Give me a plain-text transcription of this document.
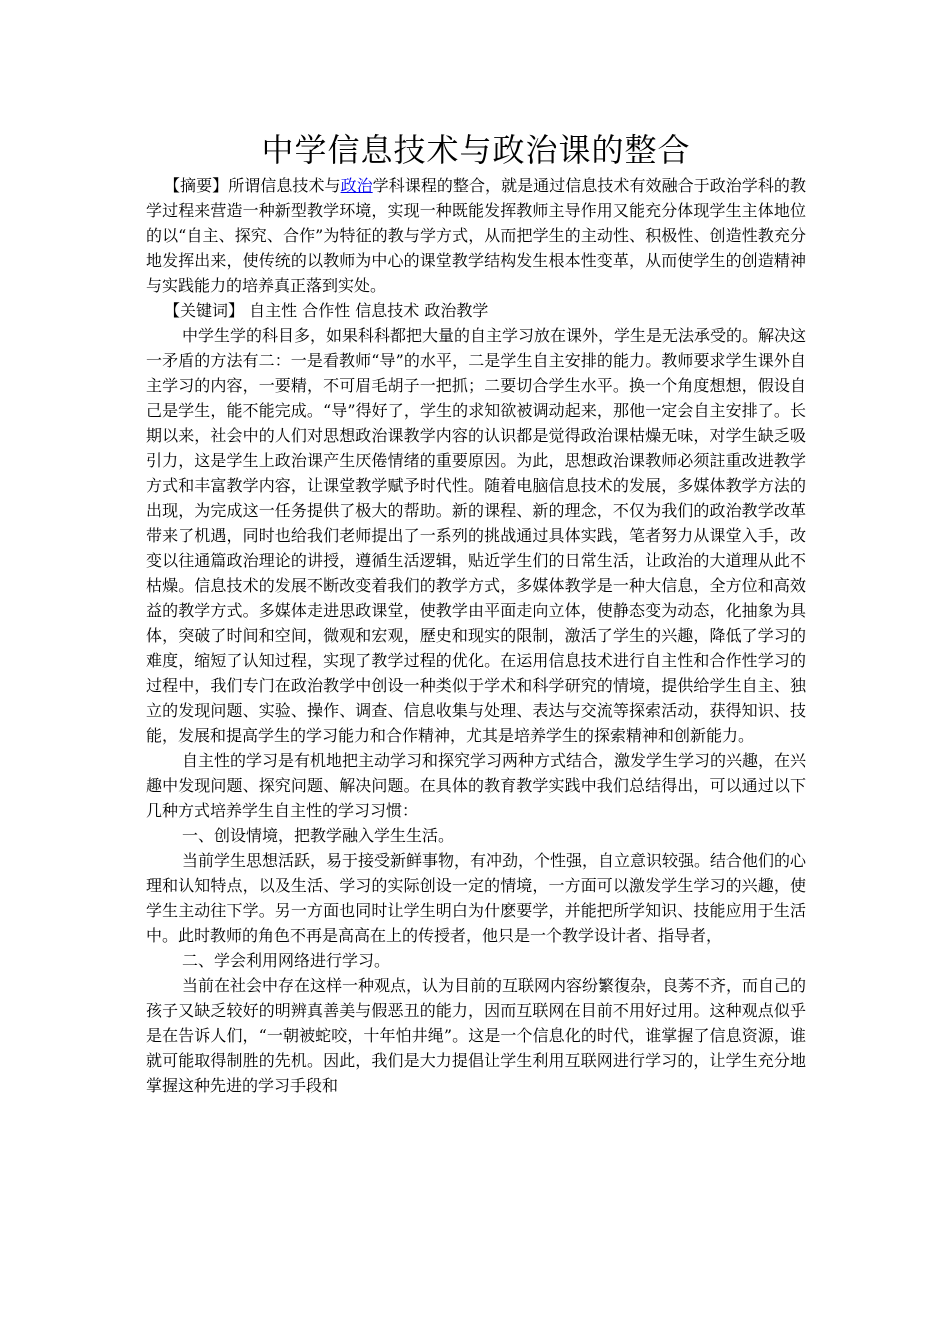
中学信息技术与政治课的整合

【摘要】所谓信息技术与政治学科课程的整合，就是通过信息技术有效融合于政治学科的教学过程来营造一种新型教学环境，实现一种既能发挥教师主导作用又能充分体现学生主体地位的以“自主、探究、合作”为特征的教与学方式，从而把学生的主动性、积极性、创造性教充分地发挥出来，使传统的以教师为中心的课堂教学结构发生根本性变革，从而使学生的创造精神与实践能力的培养真正落到实处。

【关键词】 自主性 合作性 信息技术 政治教学

中学生学的科目多，如果科科都把大量的自主学习放在课外，学生是无法承受的。解决这一矛盾的方法有二：一是看教师“导”的水平，二是学生自主安排的能力。教师要求学生课外自主学习的内容，一要精，不可眉毛胡子一把抓；二要切合学生水平。换一个角度想想，假设自己是学生，能不能完成。“导”得好了，学生的求知欲被调动起来，那他一定会自主安排了。长期以来，社会中的人们对思想政治课教学内容的认识都是觉得政治课枯燥无味，对学生缺乏吸引力，这是学生上政治课产生厌倦情绪的重要原因。为此，思想政治课教师必须註重改进教学方式和丰富教学内容，让课堂教学赋予时代性。随着电脑信息技术的发展，多媒体教学方法的出现，为完成这一任务提供了极大的帮助。新的课程、新的理念，不仅为我们的政治教学改革带来了机遇，同时也给我们老师提出了一系列的挑战通过具体实践，笔者努力从课堂入手，改变以往通篇政治理论的讲授，遵循生活逻辑，贴近学生们的日常生活，让政治的大道理从此不枯燥。信息技术的发展不断改变着我们的教学方式，多媒体教学是一种大信息，全方位和高效益的教学方式。多媒体走进思政课堂，使教学由平面走向立体，使静态变为动态，化抽象为具体，突破了时间和空间，微观和宏观，歷史和现实的限制，激活了学生的兴趣，降低了学习的难度，缩短了认知过程，实现了教学过程的优化。在运用信息技术进行自主性和合作性学习的过程中，我们专门在政治教学中创设一种类似于学术和科学研究的情境，提供给学生自主、独立的发现问题、实验、操作、调查、信息收集与处理、表达与交流等探索活动，获得知识、技能，发展和提高学生的学习能力和合作精神，尤其是培养学生的探索精神和创新能力。

自主性的学习是有机地把主动学习和探究学习两种方式结合，激发学生学习的兴趣，在兴趣中发现问题、探究问题、解决问题。在具体的教育教学实践中我们总结得出，可以通过以下几种方式培养学生自主性的学习习惯：

一、创设情境，把教学融入学生生活。

当前学生思想活跃，易于接受新鲜事物，有冲劲，个性强，自立意识较强。结合他们的心理和认知特点，以及生活、学习的实际创设一定的情境，一方面可以激发学生学习的兴趣，使学生主动往下学。另一方面也同时让学生明白为什麽要学，并能把所学知识、技能应用于生活中。此时教师的角色不再是高高在上的传授者，他只是一个教学设计者、指导者，

二、学会利用网络进行学习。

当前在社会中存在这样一种观点，认为目前的互联网内容纷繁復杂，良莠不齐，而自己的孩子又缺乏较好的明辨真善美与假恶丑的能力，因而互联网在目前不用好过用。这种观点似乎是在告诉人们，“一朝被蛇咬，十年怕井绳”。这是一个信息化的时代，谁掌握了信息资源，谁就可能取得制胜的先机。因此，我们是大力提倡让学生利用互联网进行学习的，让学生充分地掌握这种先进的学习手段和
